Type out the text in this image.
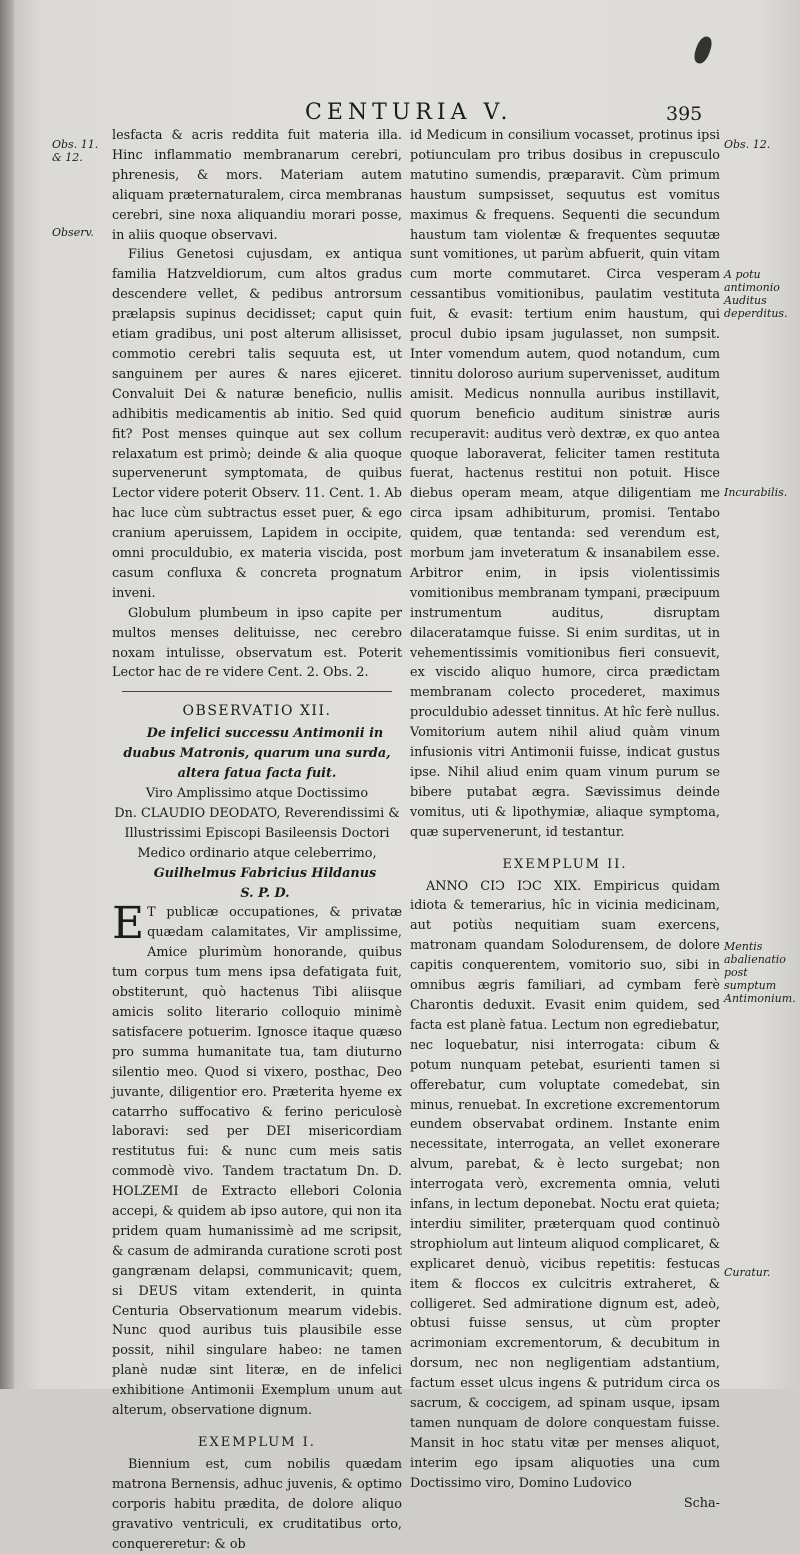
CENTURIA V.	395
Obs. 11. & 12.
Observ.
Obs. 12.
A potu antimonio Auditus deperditus.
Incurabilis.
Mentis abalienatio post sumptum Antimonium.
Curatur.

lesfacta & acris reddita fuit materia illa. Hinc inflammatio membranarum cerebri, phrenesis, & mors. Materiam autem aliquam præternaturalem, circa membranas cerebri, sine noxa aliquandiu morari posse, in aliis quoque observavi.

Filius Genetosi cujusdam, ex antiqua familia Hatzveldiorum, cum altos gradus descendere vellet, & pedibus antrorsum prælapsis supinus decidisset; caput quin etiam gradibus, uni post alterum allisisset, commotio cerebri talis sequuta est, ut sanguinem per aures & nares ejiceret. Convaluit Dei & naturæ beneficio, nullis adhibitis medicamentis ab initio. Sed quid fit? Post menses quinque aut sex collum relaxatum est primò; deinde & alia quoque supervenerunt symptomata, de quibus Lector videre poterit Observ. 11. Cent. 1. Ab hac luce cùm subtractus esset puer, & ego cranium aperuissem, Lapidem in occipite, omni proculdubio, ex materia viscida, post casum confluxa & concreta prognatum inveni.

Globulum plumbeum in ipso capite per multos menses delituisse, nec cerebro noxam intulisse, observatum est. Poterit Lector hac de re videre Cent. 2. Obs. 2.

OBSERVATIO XII.

De infelici successu Antimonii in duabus Matronis, quarum una surda, altera fatua facta fuit.

Viro Amplissimo atque Doctissimo

Dn. CLAUDIO DEODATO, Reverendissimi & Illustrissimi Episcopi Basileensis Doctori Medico ordinario atque celeberrimo,

Guilhelmus Fabricius Hildanus

S. P. D.

E T publicæ occupationes, & privatæ quædam calamitates, Vir amplissime, Amice plurimùm honorande, quibus tum corpus tum mens ipsa defatigata fuit, obstiterunt, quò hactenus Tibi aliisque amicis solito literario colloquio minimè satisfacere potuerim. Ignosce itaque quæso pro summa humanitate tua, tam diuturno silentio meo. Quod si vixero, posthac, Deo juvante, diligentior ero. Præterita hyeme ex catarrho suffocativo & ferino periculosè laboravi: sed per DEI misericordiam restitutus fui: & nunc cum meis satis commodè vivo. Tandem tractatum Dn. D. HOLZEMI de Extracto ellebori Colonia accepi, & quidem ab ipso autore, qui non ita pridem quam humanissimè ad me scripsit, & casum de admiranda curatione scroti post gangrænam delapsi, communicavit; quem, si DEUS vitam extenderit, in quinta Centuria Observationum mearum videbis. Nunc quod auribus tuis plausibile esse possit, nihil singulare habeo: ne tamen planè nudæ sint literæ, en de infelici exhibitione Antimonii Exemplum unum aut alterum, observatione dignum.

EXEMPLUM I.

Biennium est, cum nobilis quædam matrona Bernensis, adhuc juvenis, & optimo corporis habitu prædita, de dolore aliquo gravativo ventriculi, ex cruditatibus orto, conquereretur: & ob

id Medicum in consilium vocasset, protinus ipsi potiunculam pro tribus dosibus in crepusculo matutino sumendis, præparavit. Cùm primum haustum sumpsisset, sequutus est vomitus maximus & frequens. Sequenti die secundum haustum tam violentæ & frequentes sequutæ sunt vomitiones, ut parùm abfuerit, quin vitam cum morte commutaret. Circa vesperam cessantibus vomitionibus, paulatim vestituta fuit, & evasit: tertium enim haustum, qui procul dubio ipsam jugulasset, non sumpsit. Inter vomendum autem, quod notandum, cum tinnitu doloroso aurium supervenisset, auditum amisit. Medicus nonnulla auribus instillavit, quorum beneficio auditum sinistræ auris recuperavit: auditus verò dextræ, ex quo antea quoque laboraverat, feliciter tamen restituta fuerat, hactenus restitui non potuit. Hisce diebus operam meam, atque diligentiam me circa ipsam adhibiturum, promisi. Tentabo quidem, quæ tentanda: sed verendum est, morbum jam inveteratum & insanabilem esse. Arbitror enim, in ipsis violentissimis vomitionibus membranam tympani, præcipuum instrumentum auditus, disruptam dilaceratamque fuisse. Si enim surditas, ut in vehementissimis vomitionibus fieri consuevit, ex viscido aliquo humore, circa prædictam membranam colecto procederet, maximus proculdubio adesset tinnitus. At hîc ferè nullus. Vomitorium autem nihil aliud quàm vinum infusionis vitri Antimonii fuisse, indicat gustus ipse. Nihil aliud enim quam vinum purum se bibere putabat ægra. Sævissimus deinde vomitus, uti & lipothymiæ, aliaque symptoma, quæ supervenerunt, id testantur.

EXEMPLUM II.

ANNO CIↃ IↃC XIX. Empiricus quidam idiota & temerarius, hîc in vicinia medicinam, aut potiùs nequitiam suam exercens, matronam quandam Solodurensem, de dolore capitis conquerentem, vomitorio suo, sibi in omnibus ægris familiari, ad cymbam ferè Charontis deduxit. Evasit enim quidem, sed facta est planè fatua. Lectum non egrediebatur, nec loquebatur, nisi interrogata: cibum & potum nunquam petebat, esurienti tamen si offerebatur, cum voluptate comedebat, sin minus, renuebat. In excretione excrementorum eundem observabat ordinem. Instante enim necessitate, interrogata, an vellet exonerare alvum, parebat, & è lecto surgebat; non interrogata verò, excrementa omnia, veluti infans, in lectum deponebat. Noctu erat quieta; interdiu similiter, præterquam quod continuò strophiolum aut linteum aliquod complicaret, & explicaret denuò, vicibus repetitis: festucas item & floccos ex culcitris extraheret, & colligeret. Sed admiratione dignum est, adeò, obtusi fuisse sensus, ut cùm propter acrimoniam excrementorum, & decubitum in dorsum, nec non negligentiam adstantium, factum esset ulcus ingens & putridum circa os sacrum, & coccigem, ad spinam usque, ipsam tamen nunquam de dolore conquestam fuisse. Mansit in hoc statu vitæ per menses aliquot, interim ego ipsam aliquoties una cum Doctissimo viro, Domino Ludovico

Scha-
